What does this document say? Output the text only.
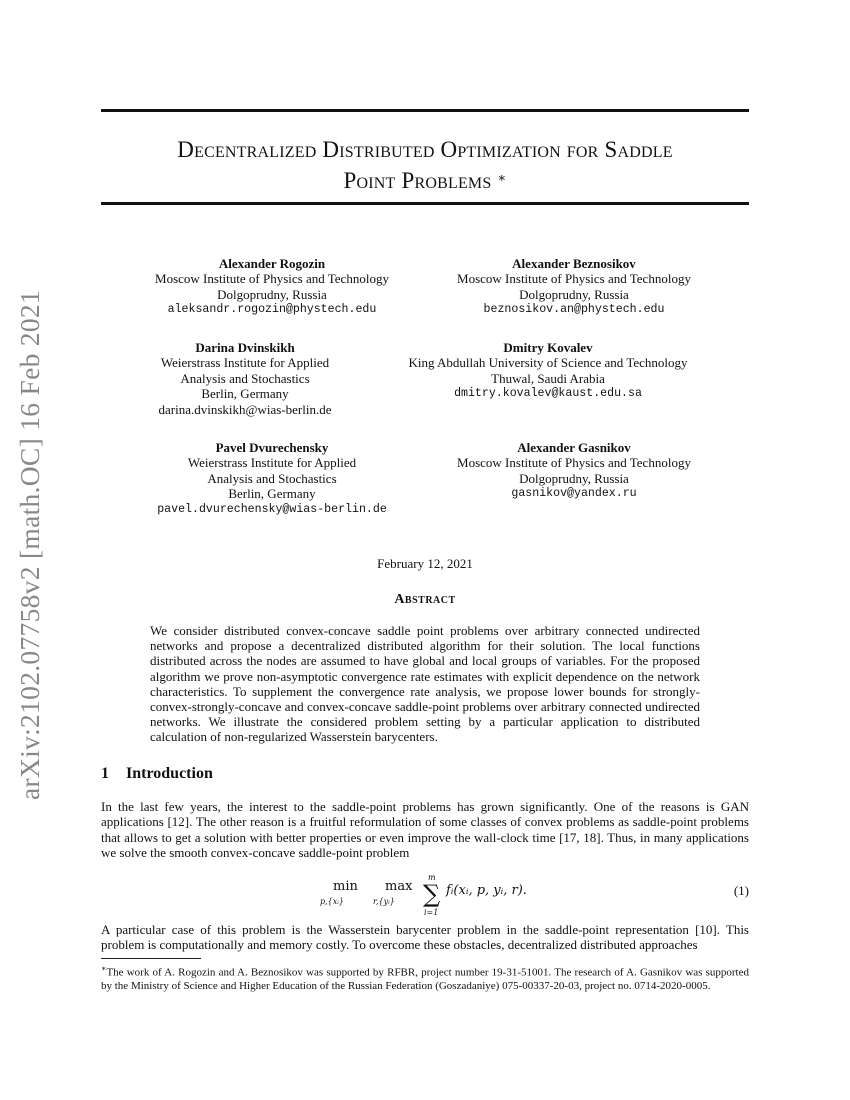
arXiv:2102.07758v2 [math.OC] 16 Feb 2021
Decentralized Distributed Optimization for Saddle
Point Problems ∗
Alexander Rogozin
Moscow Institute of Physics and Technology
Dolgoprudny, Russia
aleksandr.rogozin@phystech.edu
Alexander Beznosikov
Moscow Institute of Physics and Technology
Dolgoprudny, Russia
beznosikov.an@phystech.edu
Darina Dvinskikh
Weierstrass Institute for Applied
Analysis and Stochastics
Berlin, Germany
darina.dvinskikh@wias-berlin.de
Dmitry Kovalev
King Abdullah University of Science and Technology
Thuwal, Saudi Arabia
dmitry.kovalev@kaust.edu.sa
Pavel Dvurechensky
Weierstrass Institute for Applied
Analysis and Stochastics
Berlin, Germany
pavel.dvurechensky@wias-berlin.de
Alexander Gasnikov
Moscow Institute of Physics and Technology
Dolgoprudny, Russia
gasnikov@yandex.ru
February 12, 2021
Abstract
We consider distributed convex-concave saddle point problems over arbitrary connected undirected networks and propose a decentralized distributed algorithm for their solution. The local functions distributed across the nodes are assumed to have global and local groups of variables. For the proposed algorithm we prove non-asymptotic convergence rate estimates with explicit dependence on the network characteristics. To supplement the convergence rate analysis, we propose lower bounds for strongly-convex-strongly-concave and convex-concave saddle-point problems over arbitrary connected undirected networks. We illustrate the considered problem setting by a particular application to distributed calculation of non-regularized Wasserstein barycenters.
1 Introduction
In the last few years, the interest to the saddle-point problems has grown significantly. One of the reasons is GAN applications [12]. The other reason is a fruitful reformulation of some classes of convex problems as saddle-point problems that allows to get a solution with better properties or even improve the wall-clock time [17, 18]. Thus, in many applications we solve the smooth convex-concave saddle-point problem
min
p,{xᵢ}
max
r,{yᵢ}
m
∑
i=1
fᵢ(xᵢ, p, yᵢ, r).	(1)
A particular case of this problem is the Wasserstein barycenter problem in the saddle-point representation [10]. This problem is computationally and memory costly. To overcome these obstacles, decentralized distributed approaches
∗The work of A. Rogozin and A. Beznosikov was supported by RFBR, project number 19-31-51001. The research of A. Gasnikov was supported by the Ministry of Science and Higher Education of the Russian Federation (Goszadaniye) 075-00337-20-03, project no. 0714-2020-0005.
